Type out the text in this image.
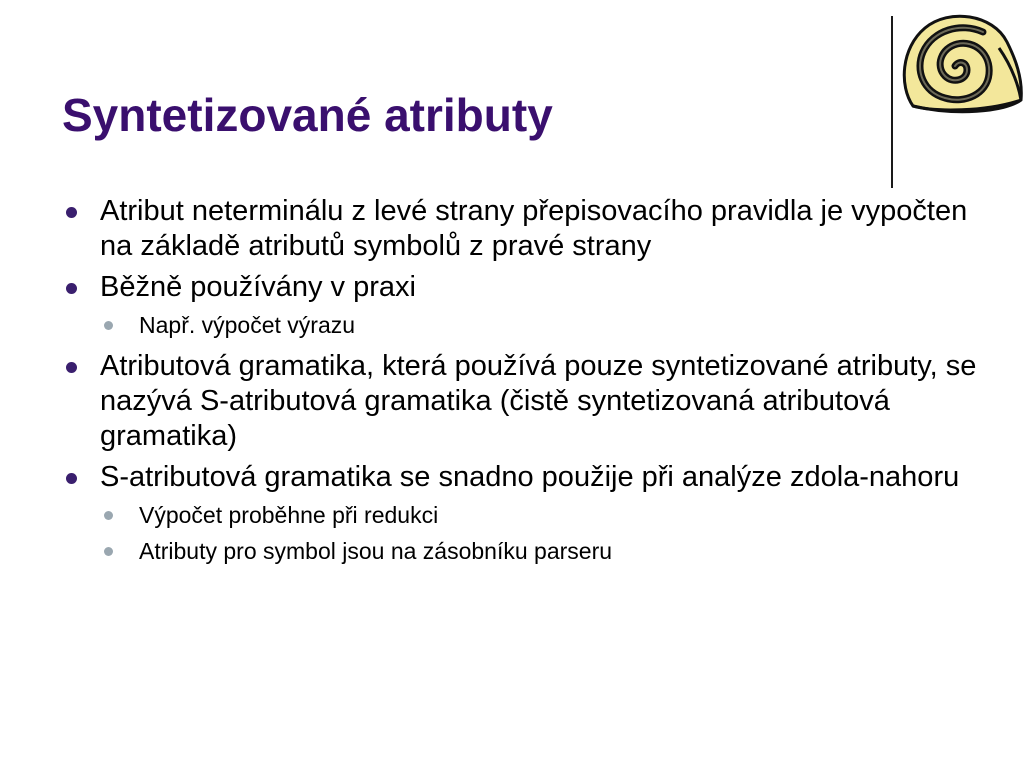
Syntetizované atributy
Atribut neterminálu z levé strany přepisovacího pravidla je vypočten na základě atributů symbolů z pravé strany
Běžně používány v praxi
Např. výpočet výrazu
Atributová gramatika, která používá pouze syntetizované atributy, se nazývá S-atributová gramatika (čistě syntetizovaná atributová gramatika)
S-atributová gramatika se snadno použije při analýze zdola-nahoru
Výpočet proběhne při redukci
Atributy pro symbol jsou na zásobníku parseru
